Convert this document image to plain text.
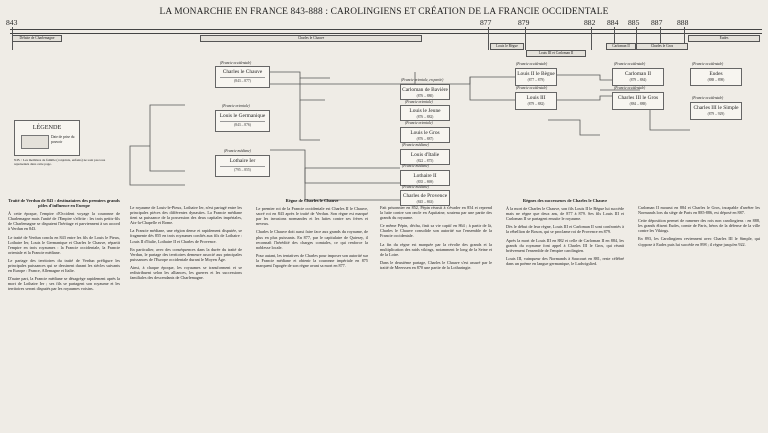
LA MONARCHIE EN FRANCE 843-888 : CAROLINGIENS ET CRÉATION DE LA FRANCIE OCCIDENTALE
843	877	879	882 884 885 887 888
Défaite de Charlemagne	Charles le Chauve
Louis le Bègue
Louis III et Carloman II
Carloman II	Charles le Gros
Eudes
(Francie occidentale)
Charles le Chauve
(843 – 877)
(Francie orientale)
Louis le Germanique
(843 – 876)
(Francie médiane)
Lothaire Ier
(795 – 855)
(Francie orientale, en partie)
Carloman de Bavière
(876 – 880)
(Francie orientale)
Louis le Jeune
(876 – 882)
(Francie orientale)
Louis le Gros
(876 – 887)
(Francie occidentale)
Louis II le Bègue
(877 – 879)
(Francie occidentale)
Louis III
(879 – 882)
(Francie occidentale)
Carloman II
(879 – 884)
(Francie occidentale)
Eudes
(888 – 898)
(Francie occidentale)
Charles III le Gros
(884 – 888)
(Francie occidentale)
Charles III le Simple
(879 – 929)
(Francie médiane)
Louis d'Italie
(822 – 875)
(Francie médiane)
Lothaire II
(835 – 869)
(Francie médiane)
Charles de Provence
(845 – 863)
LÉGENDE
Date de prise du pouvoir
N.B. : Les membres de famille (conjoints, enfants) ne sont pas tous représentés dans cette page.
Traité de Verdun de 843 : destinataires des premiers grands pôles d'influence en Europe

À cette époque, l'empire d'Occident voyage la couronne de Charlemagne mais l'unité de l'Empire s'effrite : les trois petits-fils de Charlemagne se disputent l'héritage et parviennent à un accord à Verdun en 843.

Le traité de Verdun conclu en 843 entre les fils de Louis le Pieux, Lothaire Ier, Louis le Germanique et Charles le Chauve, répartit l'empire en trois royaumes : la Francie occidentale, la Francie orientale et la Francie médiane.

Le partage des territoires du traité de Verdun préfigure les principales puissances qui se dessinent durant les siècles suivants en Europe : France, Allemagne et Italie.

D'autre part, la Francie médiane se désagrège rapidement après la mort de Lothaire Ier ; ses fils se partagent son royaume et les territoires seront disputés par les royaumes voisins.

Le royaume de Louis-le-Pieux, Lothaire Ier, n'est partagé entre les principales pièces des différentes dynasties. La Francie médiane tient sa puissance de la possession des deux capitales impériales, Aix-la-Chapelle et Rome.

La Francie médiane, une région dense et rapidement disputée, se fragmente dès 855 en trois royaumes confiés aux fils de Lothaire : Louis II d'Italie, Lothaire II et Charles de Provence.

En particulier, avec des conséquences dans la durée du traité de Verdun, le partage des territoires demeure associé aux principales puissances de l'Europe occidentale durant le Moyen Âge.

Ainsi, à chaque époque, les royaumes se transforment et se redistribuent selon les alliances, les guerres et les successions familiales des descendants de Charlemagne.

Règne de Charles le Chauve

Le premier roi de la Francie occidentale est Charles II le Chauve, sacré roi en 843 après le traité de Verdun. Son règne est marqué par les invasions normandes et les luttes contre ses frères et neveux.

Charles le Chauve doit aussi faire face aux grands du royaume, de plus en plus puissants. En 877, par le capitulaire de Quierzy, il reconnaît l'hérédité des charges comtales, ce qui renforce la noblesse locale.

Pour autant, les tentatives de Charles pour imposer son autorité sur la Francie médiane et obtenir la couronne impériale en 875 marquent l'apogée de son règne avant sa mort en 877.

Fait prisonnier en 852, Pépin réussit à s'évader en 854 et reprend la lutte contre son oncle en Aquitaine, soutenu par une partie des grands du royaume.

Ce même Pépin, déchu, finit sa vie captif en 864 ; à partir de là, Charles le Chauve consolide son autorité sur l'ensemble de la Francie occidentale.

La fin du règne est marquée par la révolte des grands et la multiplication des raids vikings, notamment le long de la Seine et de la Loire.

Dans le deuxième partage, Charles le Chauve s'est assuré par le traité de Meerssen en 870 une partie de la Lotharingie.

Règnes des successeurs de Charles le Chauve

À la mort de Charles le Chauve, son fils Louis II le Bègue lui succède mais ne règne que deux ans, de 877 à 879. Ses fils Louis III et Carloman II se partagent ensuite le royaume.

Dès le début de leur règne, Louis III et Carloman II sont confrontés à la rébellion de Boson, qui se proclame roi de Provence en 879.

Après la mort de Louis III en 882 et celle de Carloman II en 884, les grands du royaume font appel à Charles III le Gros, qui réunit brièvement l'ensemble de l'empire carolingien.

Louis III, vainqueur des Normands à Saucourt en 881, reste célébré dans un poème en langue germanique, le Ludwigslied.

Carloman II mourut en 884 et Charles le Gros, incapable d'arrêter les Normands lors du siège de Paris en 885-886, est déposé en 887.

Cette déposition permet de ramener des rois non carolingiens : en 888, les grands élisent Eudes, comte de Paris, héros de la défense de la ville contre les Vikings.

En 893, les Carolingiens reviennent avec Charles III le Simple, qui s'oppose à Eudes puis lui succède en 898 ; il règne jusqu'en 922.
